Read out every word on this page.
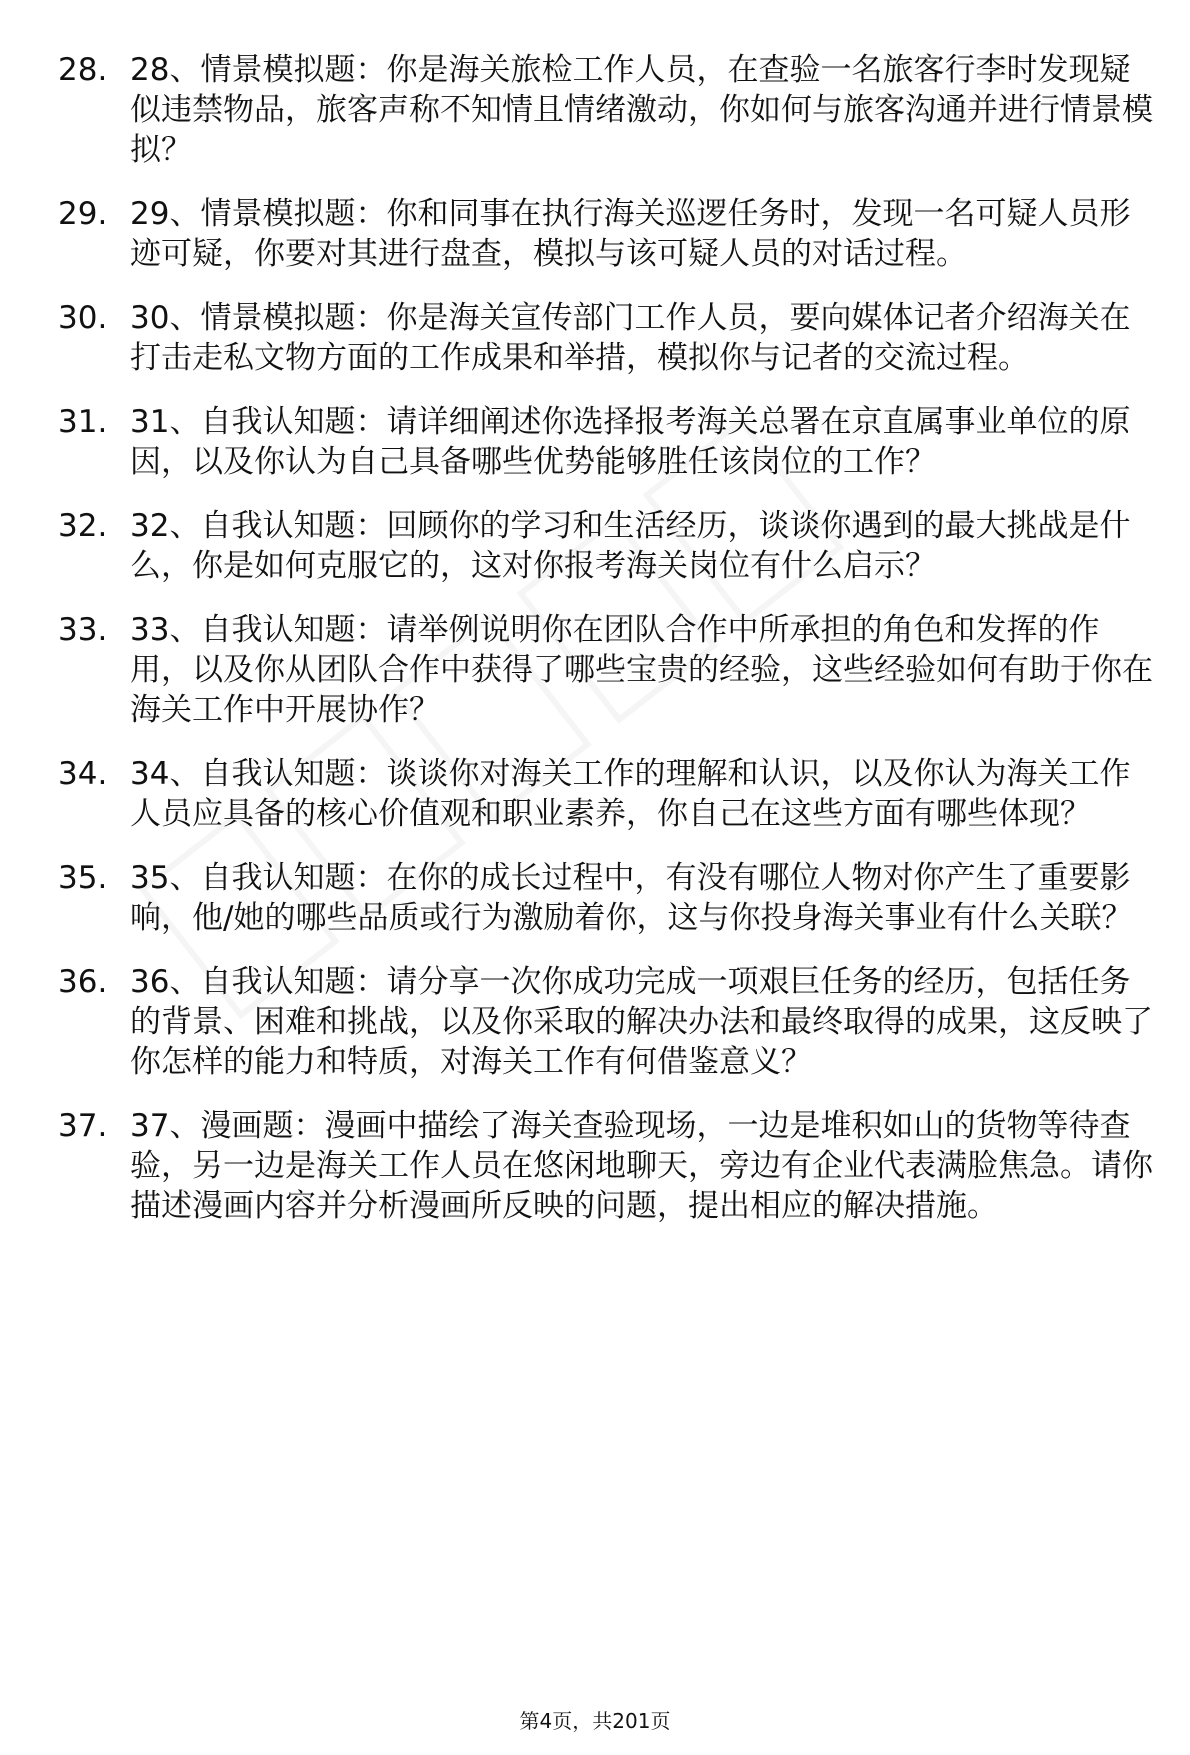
28. 28、情景模拟题：你是海关旅检工作人员，在查验一名旅客行李时发现疑似违禁物品，旅客声称不知情且情绪激动，你如何与旅客沟通并进行情景模拟？
29. 29、情景模拟题：你和同事在执行海关巡逻任务时，发现一名可疑人员形迹可疑，你要对其进行盘查，模拟与该可疑人员的对话过程。
30. 30、情景模拟题：你是海关宣传部门工作人员，要向媒体记者介绍海关在打击走私文物方面的工作成果和举措，模拟你与记者的交流过程。
31. 31、自我认知题：请详细阐述你选择报考海关总署在京直属事业单位的原因，以及你认为自己具备哪些优势能够胜任该岗位的工作？
32. 32、自我认知题：回顾你的学习和生活经历，谈谈你遇到的最大挑战是什么，你是如何克服它的，这对你报考海关岗位有什么启示？
33. 33、自我认知题：请举例说明你在团队合作中所承担的角色和发挥的作用，以及你从团队合作中获得了哪些宝贵的经验，这些经验如何有助于你在海关工作中开展协作？
34. 34、自我认知题：谈谈你对海关工作的理解和认识，以及你认为海关工作人员应具备的核心价值观和职业素养，你自己在这些方面有哪些体现？
35. 35、自我认知题：在你的成长过程中，有没有哪位人物对你产生了重要影响，他/她的哪些品质或行为激励着你，这与你投身海关事业有什么关联？
36. 36、自我认知题：请分享一次你成功完成一项艰巨任务的经历，包括任务的背景、困难和挑战，以及你采取的解决办法和最终取得的成果，这反映了你怎样的能力和特质，对海关工作有何借鉴意义？
37. 37、漫画题：漫画中描绘了海关查验现场，一边是堆积如山的货物等待查验，另一边是海关工作人员在悠闲地聊天，旁边有企业代表满脸焦急。请你描述漫画内容并分析漫画所反映的问题，提出相应的解决措施。
第4页，共201页
